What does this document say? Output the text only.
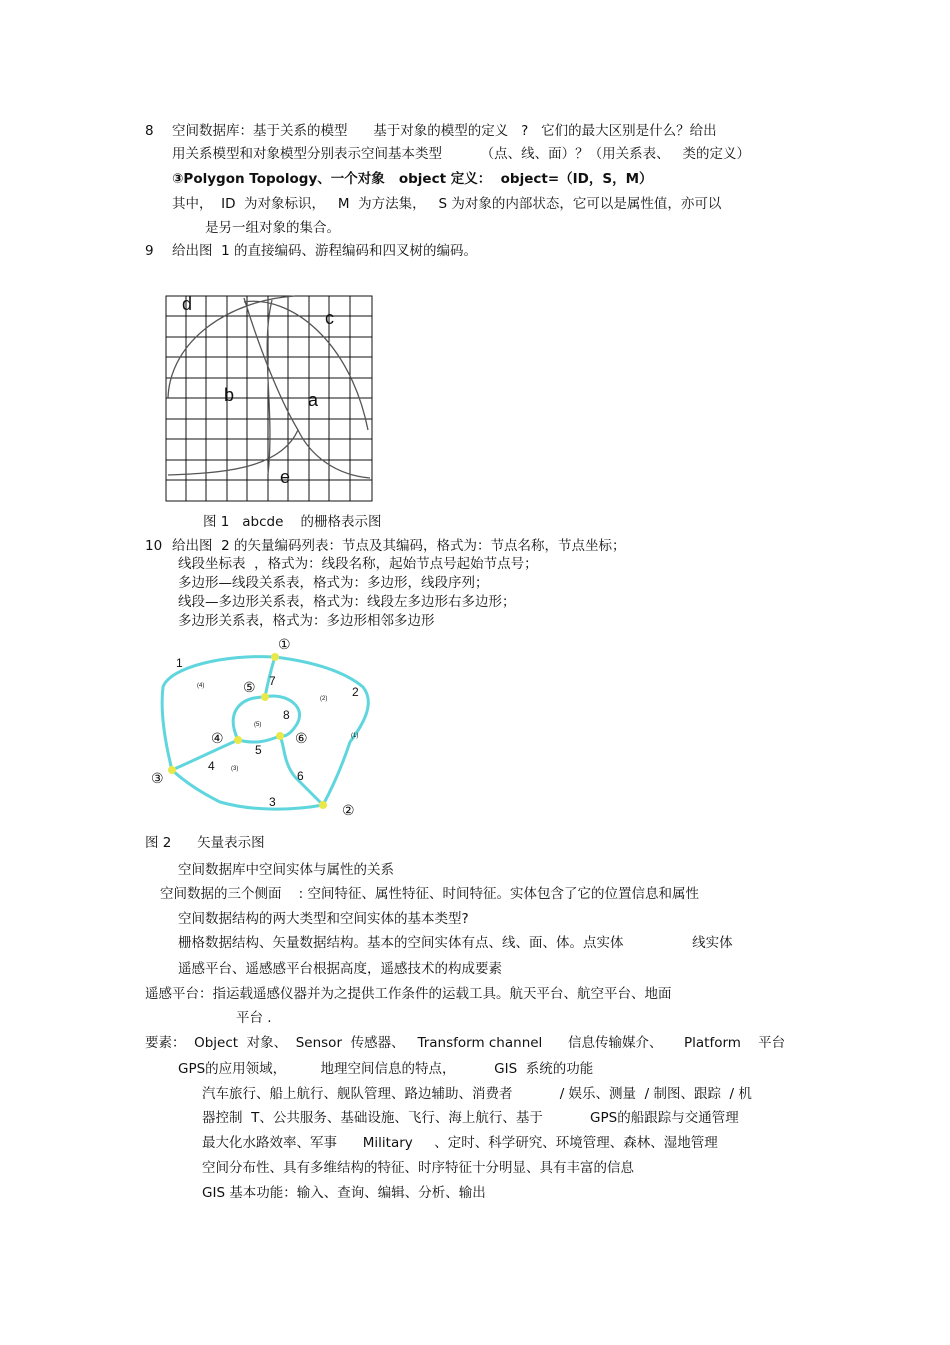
8 空间数据库：基于关系的模型      基于对象的模型的定义   ?   它们的最大区别是什么？给出
用关系模型和对象模型分别表示空间基本类型         （点、线、面）？（用关系表、   类的定义）
③Polygon Topology、一个对象   object 定义：  object=（ID，S，M）
其中，  ID  为对象标识，   M  为方法集，   S 为对象的内部状态，它可以是属性值，亦可以
是另一组对象的集合。
9 给出图  1 的直接编码、游程编码和四叉树的编码。
d
c
b	a
e
图 1   abcde    的栅格表示图
10 给出图  2 的矢量编码列表：节点及其编码，格式为：节点名称，节点坐标；
线段坐标表  ，格式为：线段名称，起始节点号起始节点号；
多边形—线段关系表，格式为：多边形，线段序列；
线段—多边形关系表，格式为：线段左多边形右多边形；
多边形关系表，格式为：多边形相邻多边形
①
②
③
④
⑤
⑥
1
2
3
4
5
6
7
8
(1)
(2)
(3)
(4)
(5)
图 2      矢量表示图
空间数据库中空间实体与属性的关系
空间数据的三个侧面    : 空间特征、属性特征、时间特征。实体包含了它的位置信息和属性
空间数据结构的两大类型和空间实体的基本类型?
栅格数据结构、矢量数据结构。基本的空间实体有点、线、面、体。点实体                线实体
遥感平台、遥感感平台根据高度，遥感技术的构成要素
遥感平台：指运载遥感仪器并为之提供工作条件的运载工具。航天平台、航空平台、地面
平台 .
要素：  Object  对象、  Sensor  传感器、   Transform channel      信息传输媒介、     Platform    平台
GPS的应用领域，        地理空间信息的特点，         GIS  系统的功能
汽车旅行、船上航行、舰队管理、路边辅助、消费者           / 娱乐、测量  / 制图、跟踪  / 机
器控制  T、公共服务、基础设施、飞行、海上航行、基于           GPS的船跟踪与交通管理
最大化水路效率、军事      Military     、定时、科学研究、环境管理、森林、湿地管理
空间分布性、具有多维结构的特征、时序特征十分明显、具有丰富的信息
GIS 基本功能：输入、查询、编辑、分析、输出
